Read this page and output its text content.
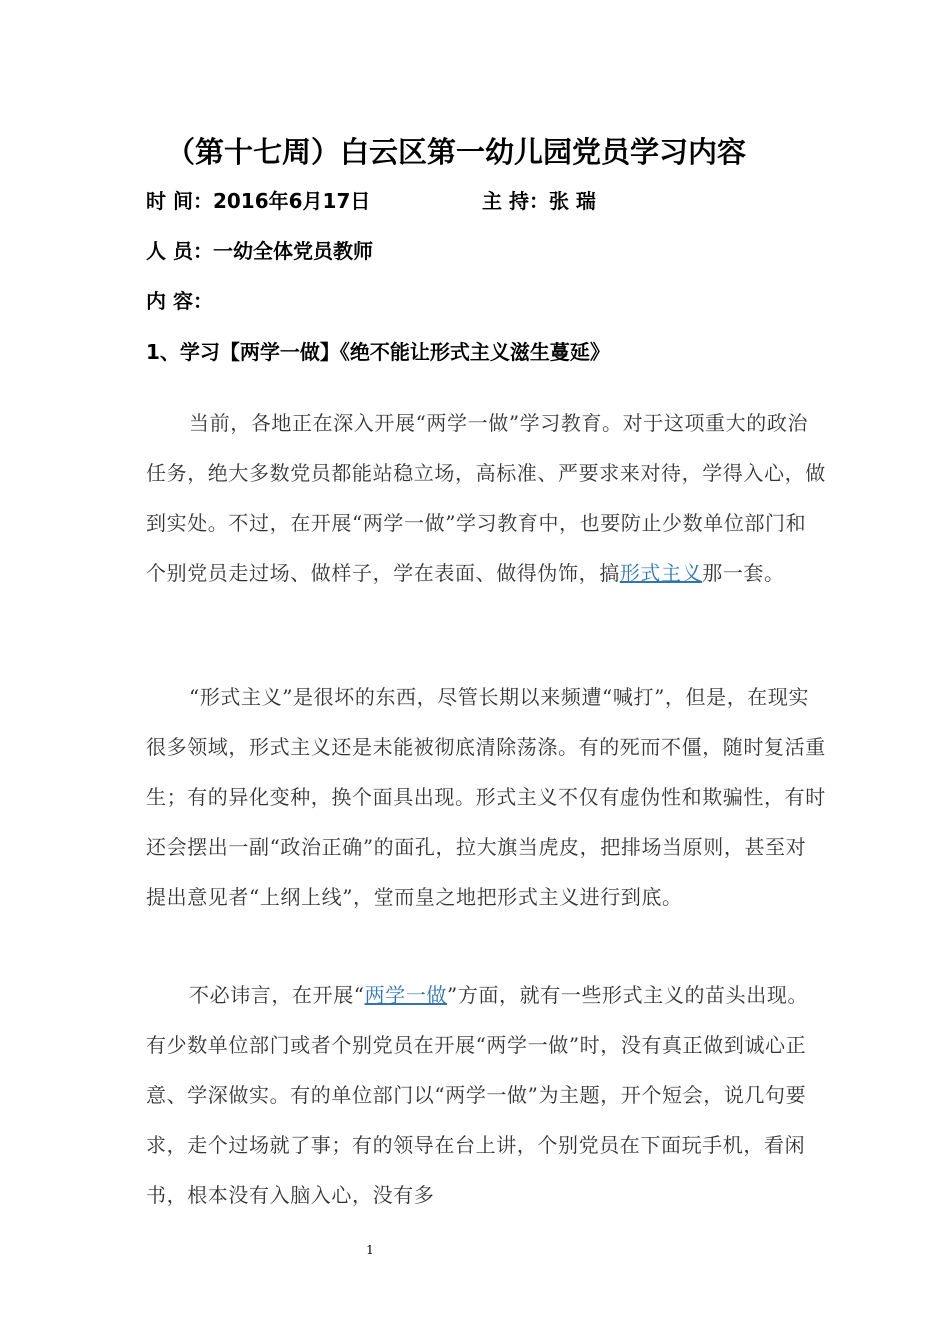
（第十七周）白云区第一幼儿园党员学习内容
时 间：2016年6月17日	主 持：张 瑞
人 员：一幼全体党员教师
内 容：
1、学习【两学一做】《绝不能让形式主义滋生蔓延》

当前，各地正在深入开展“两学一做”学习教育。对于这项重大的政治任务，绝大多数党员都能站稳立场，高标准、严要求来对待，学得入心，做到实处。不过，在开展“两学一做”学习教育中，也要防止少数单位部门和个别党员走过场、做样子，学在表面、做得伪饰，搞形式主义那一套。

“形式主义”是很坏的东西，尽管长期以来频遭“喊打”，但是，在现实很多领域，形式主义还是未能被彻底清除荡涤。有的死而不僵，随时复活重生；有的异化变种，换个面具出现。形式主义不仅有虚伪性和欺骗性，有时还会摆出一副“政治正确”的面孔，拉大旗当虎皮，把排场当原则，甚至对提出意见者“上纲上线”，堂而皇之地把形式主义进行到底。

不必讳言，在开展“两学一做”方面，就有一些形式主义的苗头出现。有少数单位部门或者个别党员在开展“两学一做”时，没有真正做到诚心正意、学深做实。有的单位部门以“两学一做”为主题，开个短会，说几句要求，走个过场就了事；有的领导在台上讲，个别党员在下面玩手机，看闲书，根本没有入脑入心，没有多

1
